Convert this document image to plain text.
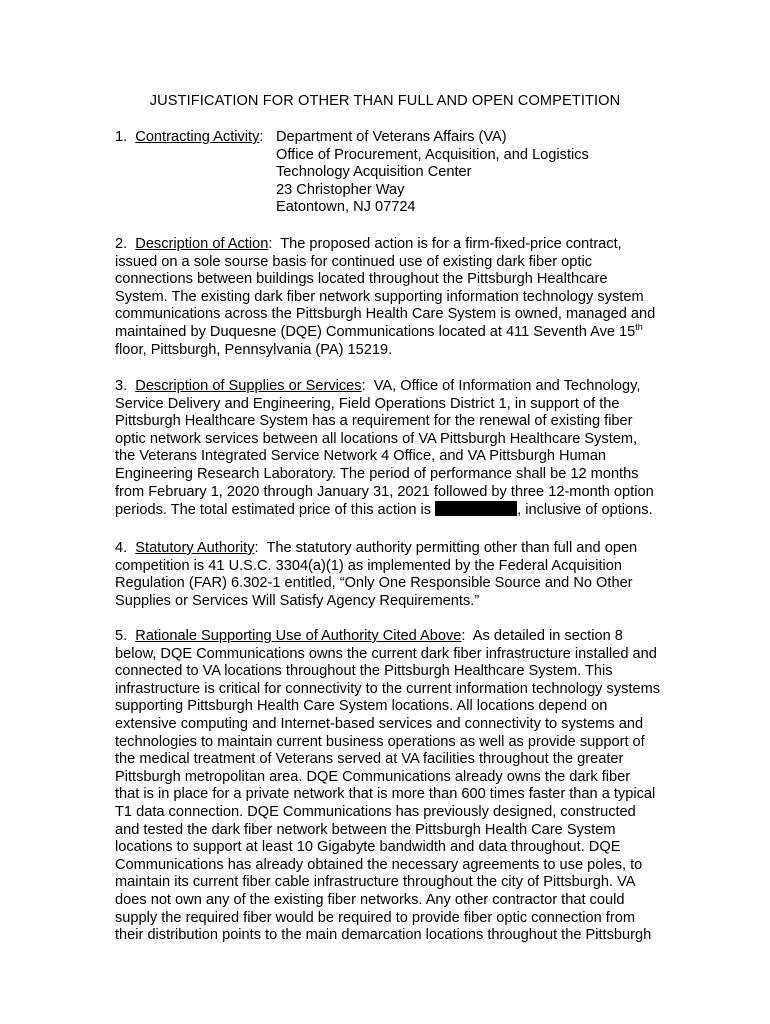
JUSTIFICATION FOR OTHER THAN FULL AND OPEN COMPETITION
1. Contracting Activity: Department of Veterans Affairs (VA)
Office of Procurement, Acquisition, and Logistics
Technology Acquisition Center
23 Christopher Way
Eatontown, NJ 07724
2. Description of Action:  The proposed action is for a firm-fixed-price contract,
issued on a sole sourse basis for continued use of existing dark fiber optic
connections between buildings located throughout the Pittsburgh Healthcare
System. The existing dark fiber network supporting information technology system
communications across the Pittsburgh Health Care System is owned, managed and
maintained by Duquesne (DQE) Communications located at 411 Seventh Ave 15th
floor, Pittsburgh, Pennsylvania (PA) 15219.
3. Description of Supplies or Services:  VA, Office of Information and Technology,
Service Delivery and Engineering, Field Operations District 1, in support of the
Pittsburgh Healthcare System has a requirement for the renewal of existing fiber
optic network services between all locations of VA Pittsburgh Healthcare System,
the Veterans Integrated Service Network 4 Office, and VA Pittsburgh Human
Engineering Research Laboratory. The period of performance shall be 12 months
from February 1, 2020 through January 31, 2021 followed by three 12-month option
periods. The total estimated price of this action is	, inclusive of options.
4. Statutory Authority:  The statutory authority permitting other than full and open
competition is 41 U.S.C. 3304(a)(1) as implemented by the Federal Acquisition
Regulation (FAR) 6.302-1 entitled, “Only One Responsible Source and No Other
Supplies or Services Will Satisfy Agency Requirements.”
5. Rationale Supporting Use of Authority Cited Above:  As detailed in section 8
below, DQE Communications owns the current dark fiber infrastructure installed and
connected to VA locations throughout the Pittsburgh Healthcare System. This
infrastructure is critical for connectivity to the current information technology systems
supporting Pittsburgh Health Care System locations. All locations depend on
extensive computing and Internet-based services and connectivity to systems and
technologies to maintain current business operations as well as provide support of
the medical treatment of Veterans served at VA facilities throughout the greater
Pittsburgh metropolitan area. DQE Communications already owns the dark fiber
that is in place for a private network that is more than 600 times faster than a typical
T1 data connection. DQE Communications has previously designed, constructed
and tested the dark fiber network between the Pittsburgh Health Care System
locations to support at least 10 Gigabyte bandwidth and data throughout. DQE
Communications has already obtained the necessary agreements to use poles, to
maintain its current fiber cable infrastructure throughout the city of Pittsburgh. VA
does not own any of the existing fiber networks. Any other contractor that could
supply the required fiber would be required to provide fiber optic connection from
their distribution points to the main demarcation locations throughout the Pittsburgh
